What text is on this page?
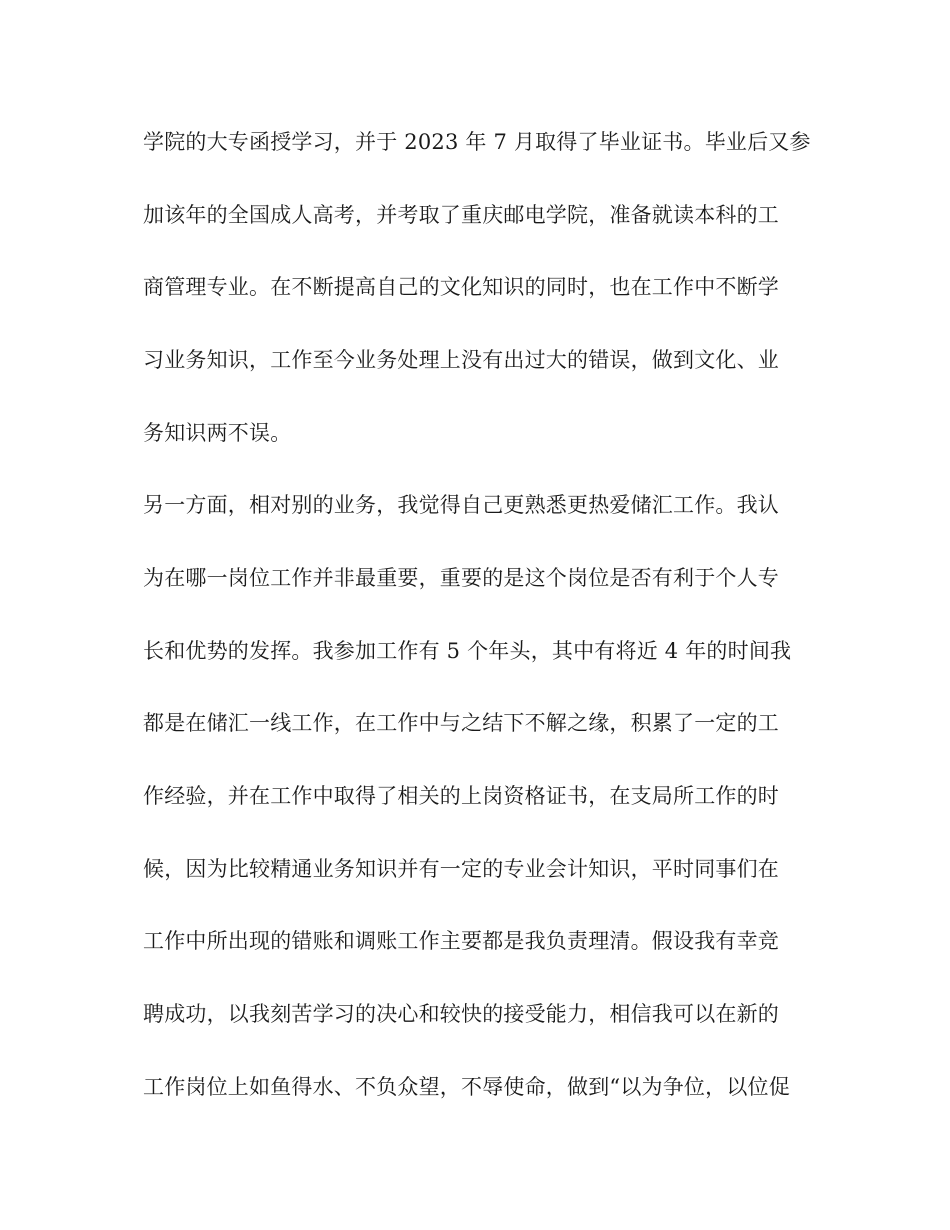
学院的大专函授学习，并于 2023 年 7 月取得了毕业证书。毕业后又参

加该年的全国成人高考，并考取了重庆邮电学院，准备就读本科的工

商管理专业。在不断提高自己的文化知识的同时，也在工作中不断学

习业务知识，工作至今业务处理上没有出过大的错误，做到文化、业

务知识两不误。

另一方面，相对别的业务，我觉得自己更熟悉更热爱储汇工作。我认

为在哪一岗位工作并非最重要，重要的是这个岗位是否有利于个人专

长和优势的发挥。我参加工作有 5 个年头，其中有将近 4 年的时间我

都是在储汇一线工作，在工作中与之结下不解之缘，积累了一定的工

作经验，并在工作中取得了相关的上岗资格证书，在支局所工作的时

候，因为比较精通业务知识并有一定的专业会计知识，平时同事们在

工作中所出现的错账和调账工作主要都是我负责理清。假设我有幸竞

聘成功，以我刻苦学习的决心和较快的接受能力，相信我可以在新的

工作岗位上如鱼得水、不负众望，不辱使命，做到“以为争位，以位促
